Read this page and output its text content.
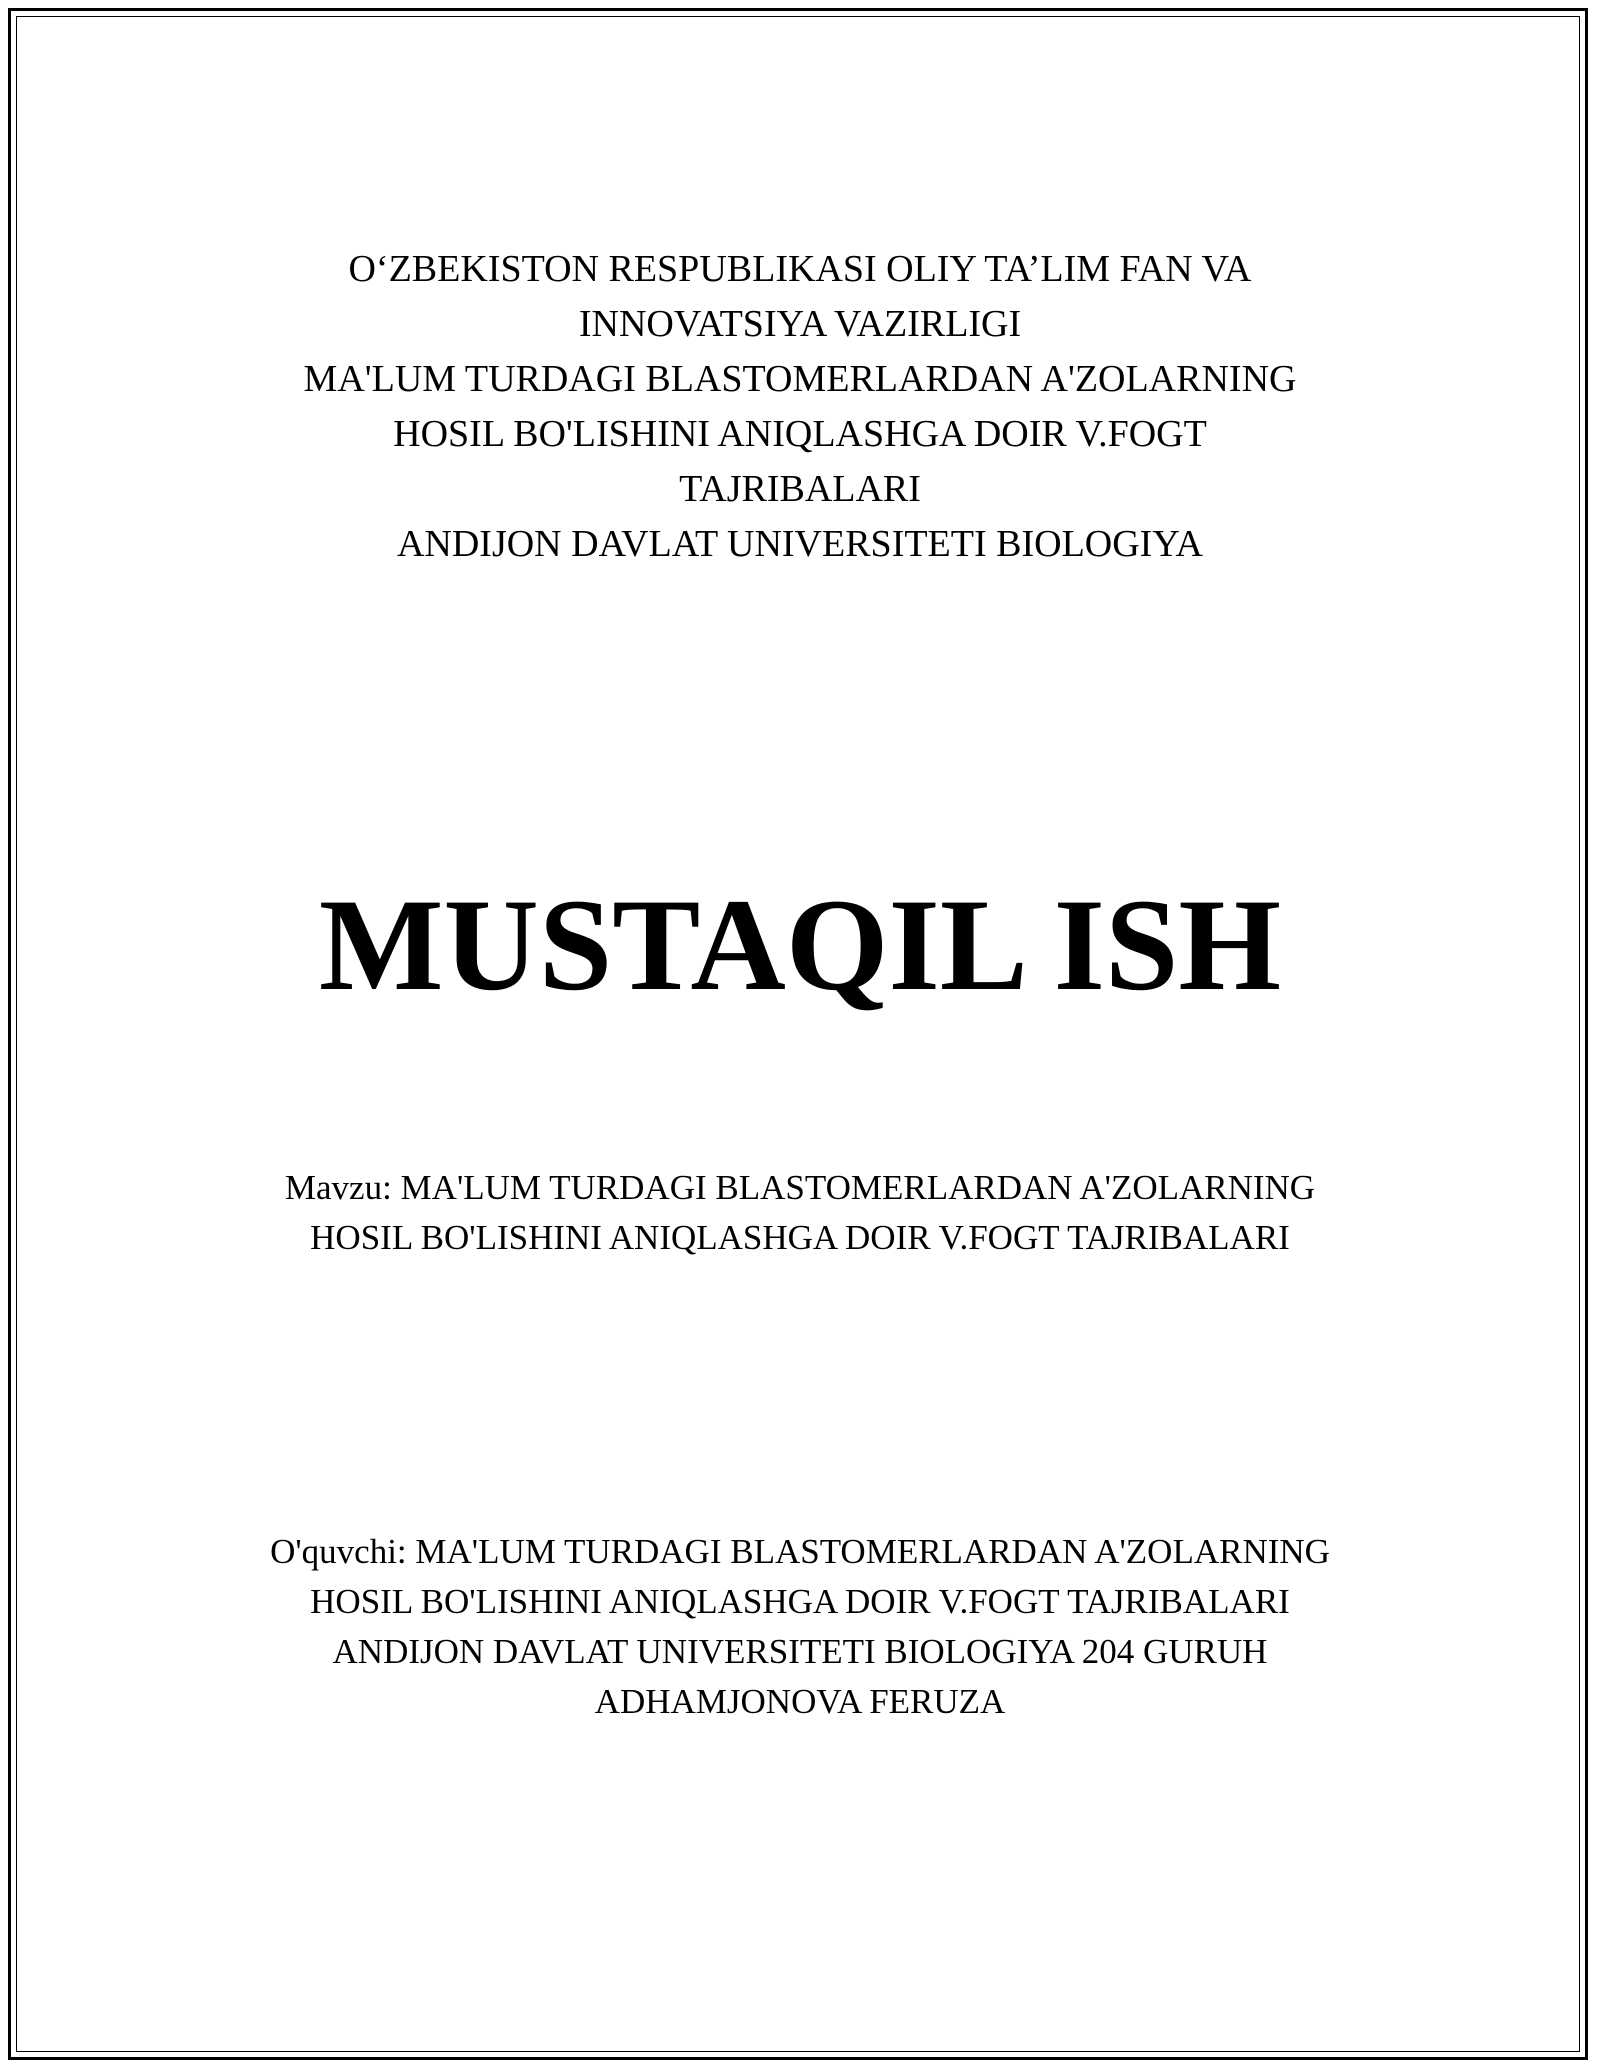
O‘ZBEKISTON RESPUBLIKASI OLIY TA’LIM FAN VA
INNOVATSIYA VAZIRLIGI
MA'LUM TURDAGI BLASTOMERLARDAN A'ZOLARNING
HOSIL BO'LISHINI ANIQLASHGA DOIR V.FOGT
TAJRIBALARI
ANDIJON DAVLAT UNIVERSITETI BIOLOGIYA
MUSTAQIL ISH
Mavzu: MA'LUM TURDAGI BLASTOMERLARDAN A'ZOLARNING
HOSIL BO'LISHINI ANIQLASHGA DOIR V.FOGT TAJRIBALARI
O'quvchi: MA'LUM TURDAGI BLASTOMERLARDAN A'ZOLARNING
HOSIL BO'LISHINI ANIQLASHGA DOIR V.FOGT TAJRIBALARI
ANDIJON DAVLAT UNIVERSITETI BIOLOGIYA 204 GURUH
ADHAMJONOVA FERUZA
